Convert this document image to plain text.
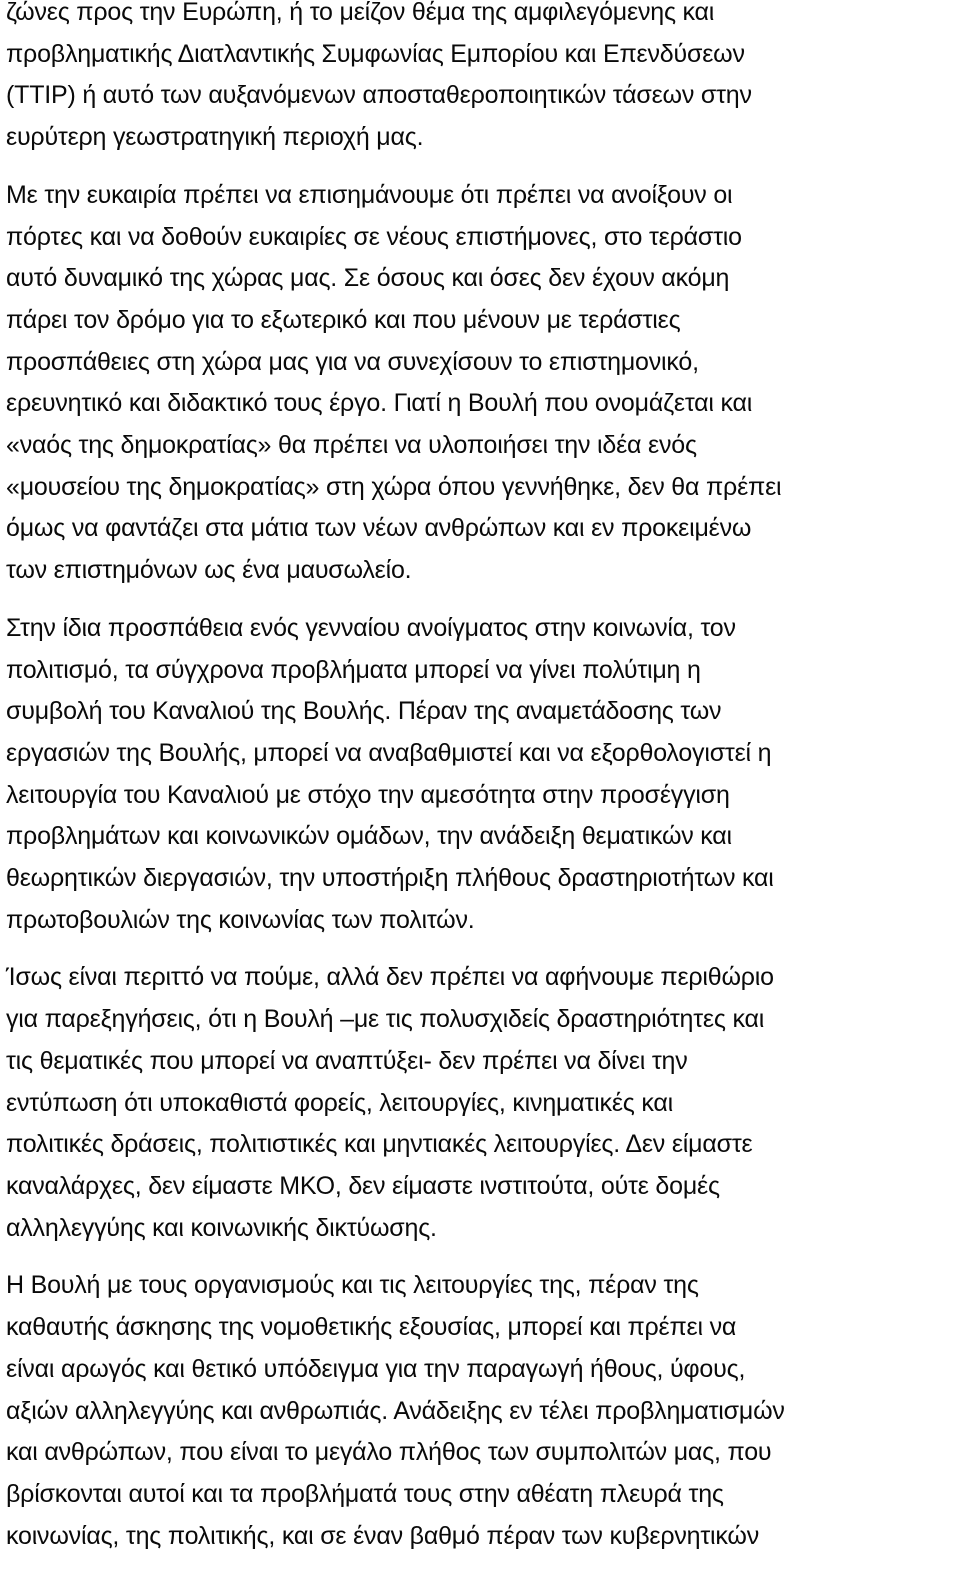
ζώνες προς την Ευρώπη, ή το μείζον θέμα της αμφιλεγόμενης και
προβληματικής Διατλαντικής Συμφωνίας Εμπορίου και Επενδύσεων
(TTIP) ή αυτό των αυξανόμενων αποσταθεροποιητικών τάσεων στην
ευρύτερη γεωστρατηγική περιοχή μας.

Με την ευκαιρία πρέπει να επισημάνουμε ότι πρέπει να ανοίξουν οι
πόρτες και να δοθούν ευκαιρίες σε νέους επιστήμονες, στο τεράστιο
αυτό δυναμικό της χώρας μας. Σε όσους και όσες δεν έχουν ακόμη
πάρει τον δρόμο για το εξωτερικό και που μένουν με τεράστιες
προσπάθειες στη χώρα μας για να συνεχίσουν το επιστημονικό,
ερευνητικό και διδακτικό τους έργο. Γιατί η Βουλή που ονομάζεται και
«ναός της δημοκρατίας» θα πρέπει να υλοποιήσει την ιδέα ενός
«μουσείου της δημοκρατίας» στη χώρα όπου γεννήθηκε, δεν θα πρέπει
όμως να φαντάζει στα μάτια των νέων ανθρώπων και εν προκειμένω
των επιστημόνων ως ένα μαυσωλείο.

Στην ίδια προσπάθεια ενός γενναίου ανοίγματος στην κοινωνία, τον
πολιτισμό, τα σύγχρονα προβλήματα μπορεί να γίνει πολύτιμη η
συμβολή του Καναλιού της Βουλής. Πέραν της αναμετάδοσης των
εργασιών της Βουλής, μπορεί να αναβαθμιστεί και να εξορθολογιστεί η
λειτουργία του Καναλιού με στόχο την αμεσότητα στην προσέγγιση
προβλημάτων και κοινωνικών ομάδων, την ανάδειξη θεματικών και
θεωρητικών διεργασιών, την υποστήριξη πλήθους δραστηριοτήτων και
πρωτοβουλιών της κοινωνίας των πολιτών.

Ίσως είναι περιττό να πούμε, αλλά δεν πρέπει να αφήνουμε περιθώριο
για παρεξηγήσεις, ότι η Βουλή –με τις πολυσχιδείς δραστηριότητες και
τις θεματικές που μπορεί να αναπτύξει- δεν πρέπει να δίνει την
εντύπωση ότι υποκαθιστά φορείς, λειτουργίες, κινηματικές και
πολιτικές δράσεις, πολιτιστικές και μηντιακές λειτουργίες. Δεν είμαστε
καναλάρχες, δεν είμαστε ΜΚΟ, δεν είμαστε ινστιτούτα, ούτε δομές
αλληλεγγύης και κοινωνικής δικτύωσης.

Η Βουλή με τους οργανισμούς και τις λειτουργίες της, πέραν της
καθαυτής άσκησης της νομοθετικής εξουσίας, μπορεί και πρέπει να
είναι αρωγός και θετικό υπόδειγμα για την παραγωγή ήθους, ύφους,
αξιών αλληλεγγύης και ανθρωπιάς. Ανάδειξης εν τέλει προβληματισμών
και ανθρώπων, που είναι το μεγάλο πλήθος των συμπολιτών μας, που
βρίσκονται αυτοί και τα προβλήματά τους στην αθέατη πλευρά της
κοινωνίας, της πολιτικής, και σε έναν βαθμό πέραν των κυβερνητικών
